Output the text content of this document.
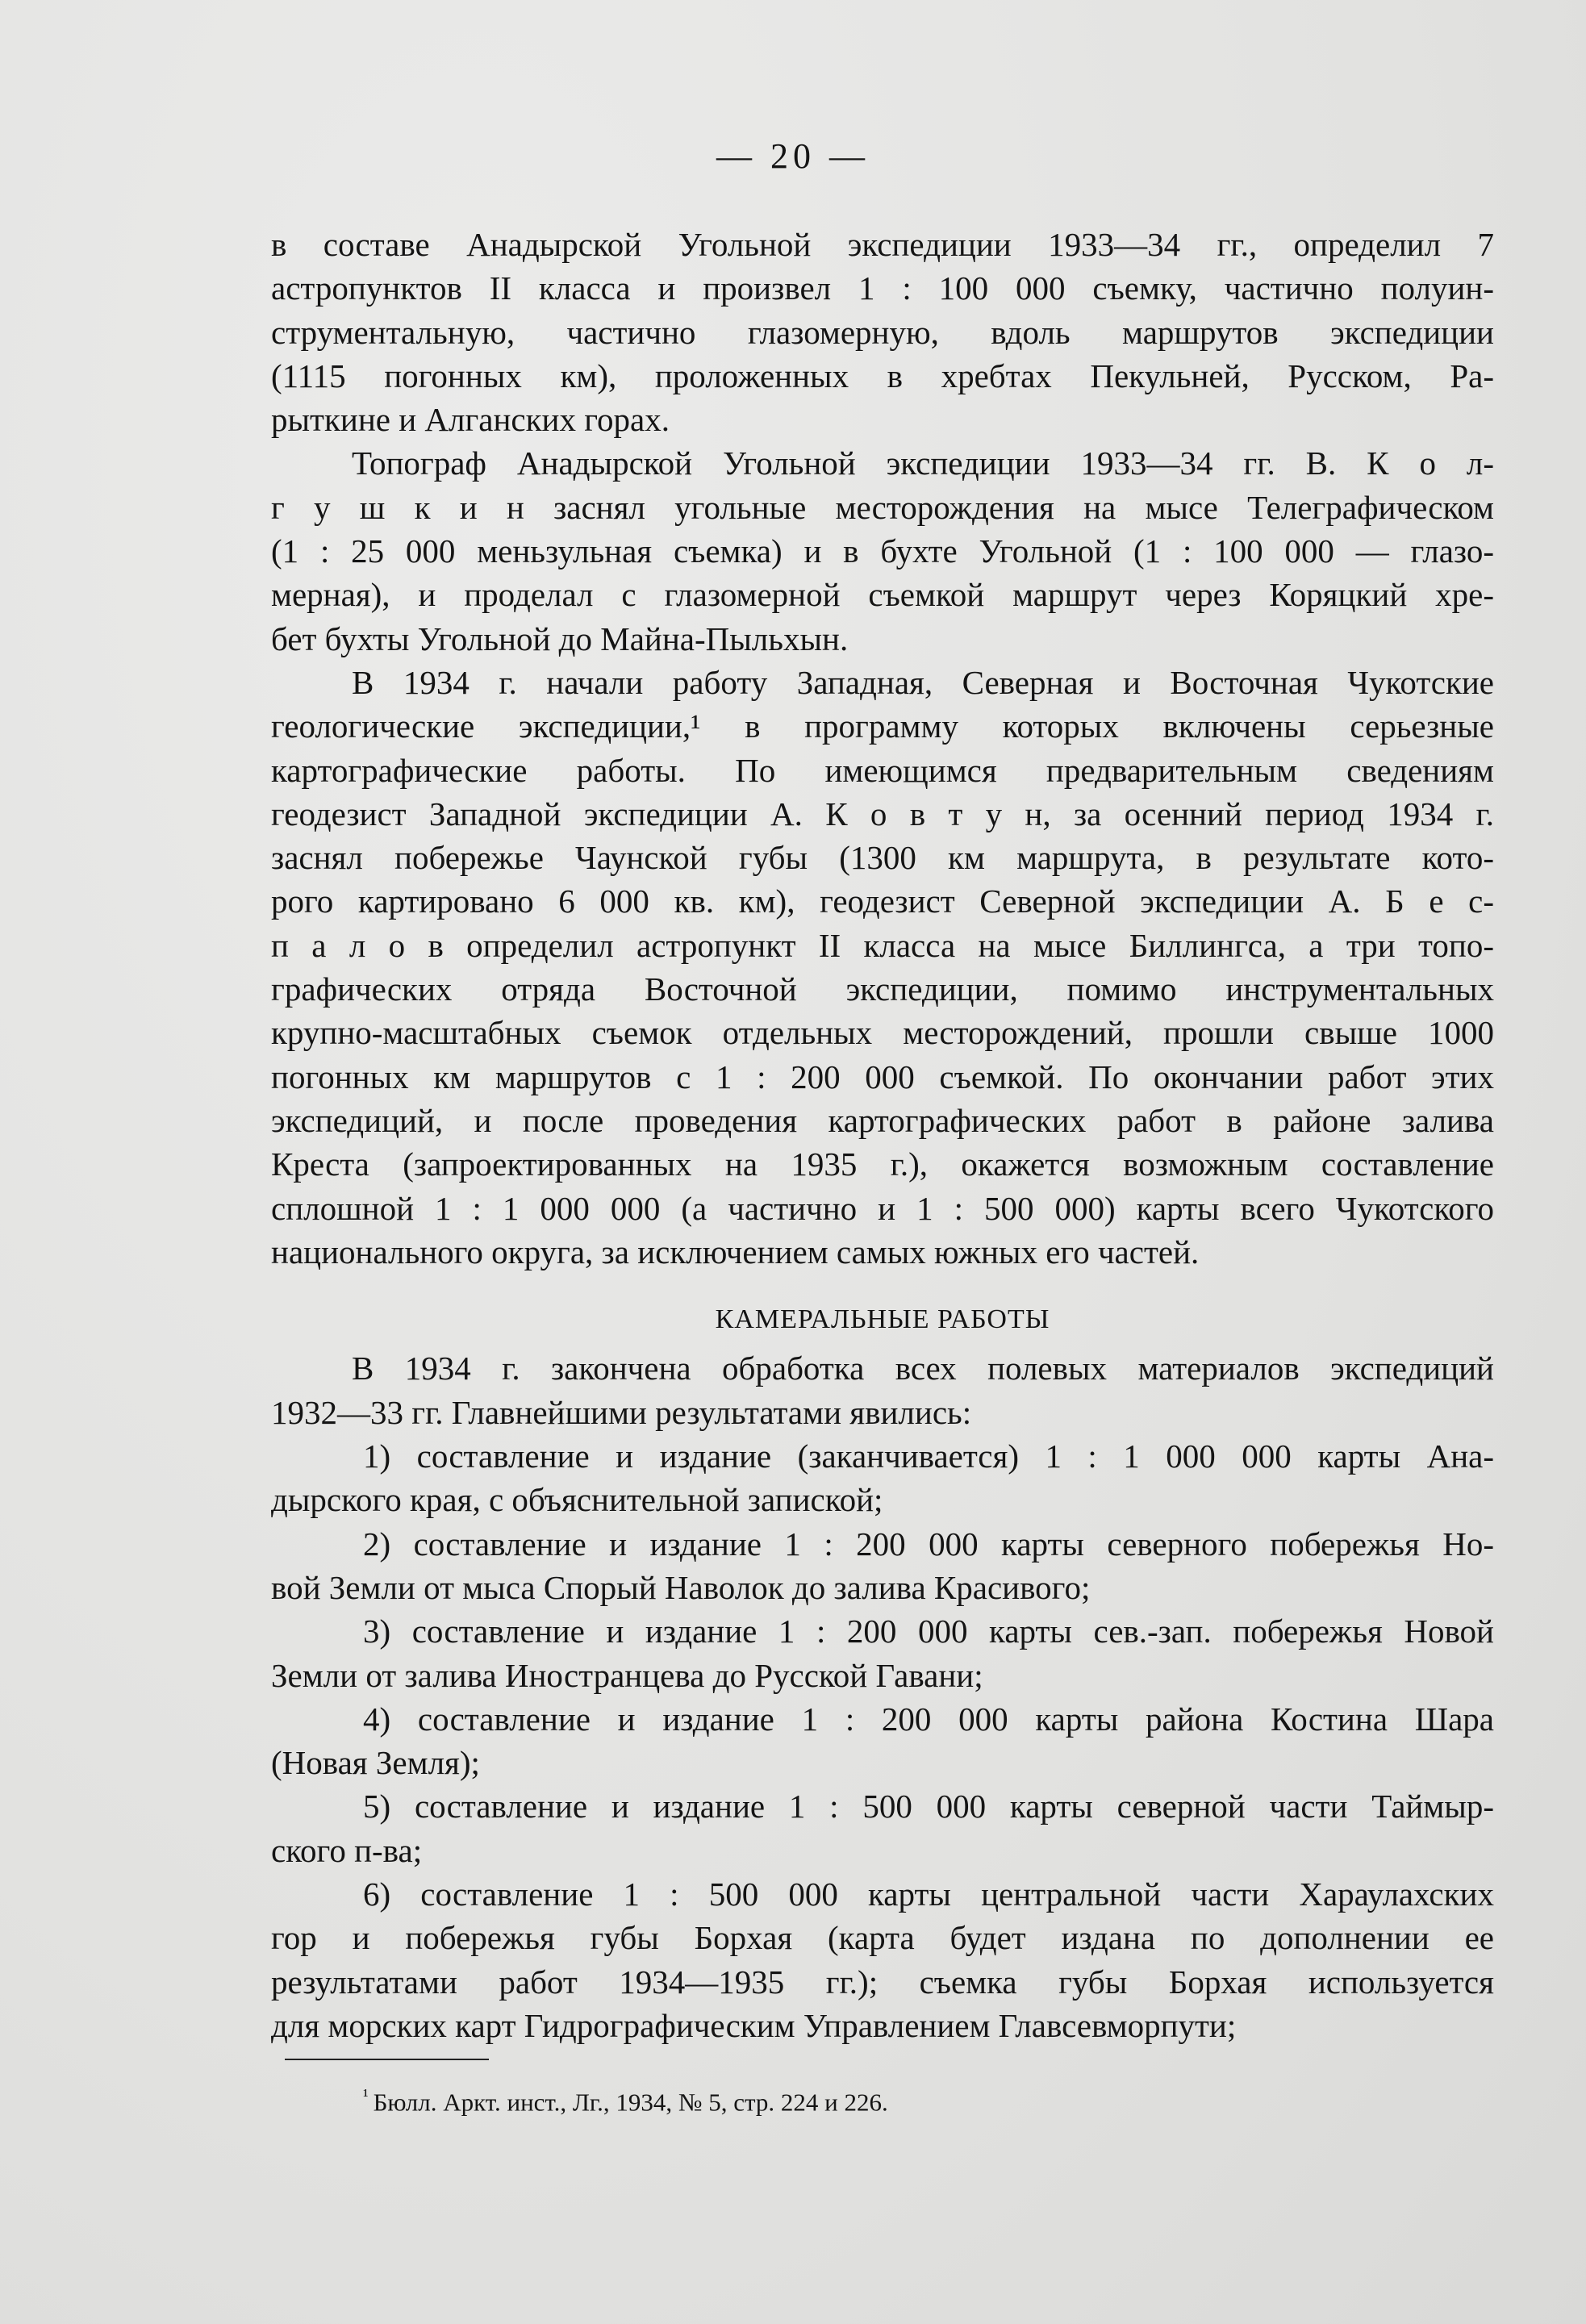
— 20 —
в составе Анадырской Угольной экспедиции 1933—34 гг., определил 7
астропунктов II класса и произвел 1 : 100 000 съемку, частично полуин-
струментальную, частично глазомерную, вдоль маршрутов экспедиции
(1115 погонных км), проложенных в хребтах Пекульней, Русском, Ра-
рыткине и Алганских горах.
Топограф Анадырской Угольной экспедиции 1933—34 гг. В. К о л-
г у ш к и н заснял угольные месторождения на мысе Телеграфическом
(1 : 25 000 меньзульная съемка) и в бухте Угольной (1 : 100 000 — глазо-
мерная), и проделал с глазомерной съемкой маршрут через Коряцкий хре-
бет бухты Угольной до Майна-Пыльхын.
В 1934 г. начали работу Западная, Северная и Восточная Чукотские
геологические экспедиции,¹ в программу которых включены серьезные
картографические работы. По имеющимся предварительным сведениям
геодезист Западной экспедиции А. К о в т у н, за осенний период 1934 г.
заснял побережье Чаунской губы (1300 км маршрута, в результате кото-
рого картировано 6 000 кв. км), геодезист Северной экспедиции А. Б е с-
п а л о в определил астропункт II класса на мысе Биллингса, а три топо-
графических отряда Восточной экспедиции, помимо инструментальных
крупно-масштабных съемок отдельных месторождений, прошли свыше 1000
погонных км маршрутов с 1 : 200 000 съемкой. По окончании работ этих
экспедиций, и после проведения картографических работ в районе залива
Креста (запроектированных на 1935 г.), окажется возможным составление
сплошной 1 : 1 000 000 (а частично и 1 : 500 000) карты всего Чукотского
национального округа, за исключением самых южных его частей.
КАМЕРАЛЬНЫЕ РАБОТЫ
В 1934 г. закончена обработка всех полевых материалов экспедиций
1932—33 гг. Главнейшими результатами явились:
1) составление и издание (заканчивается) 1 : 1 000 000 карты Ана-
дырского края, с объяснительной запиской;
2) составление и издание 1 : 200 000 карты северного побережья Но-
вой Земли от мыса Спорый Наволок до залива Красивого;
3) составление и издание 1 : 200 000 карты сев.-зап. побережья Новой
Земли от залива Иностранцева до Русской Гавани;
4) составление и издание 1 : 200 000 карты района Костина Шара
(Новая Земля);
5) составление и издание 1 : 500 000 карты северной части Таймыр-
ского п-ва;
6) составление 1 : 500 000 карты центральной части Хараулахских
гор и побережья губы Борхая (карта будет издана по дополнении ее
результатами работ 1934—1935 гг.); съемка губы Борхая используется
для морских карт Гидрографическим Управлением Главсевморпути;
$^{^1}$ Бюлл. Аркт. инст., Лг., 1934, № 5, стр. 224 и 226.
